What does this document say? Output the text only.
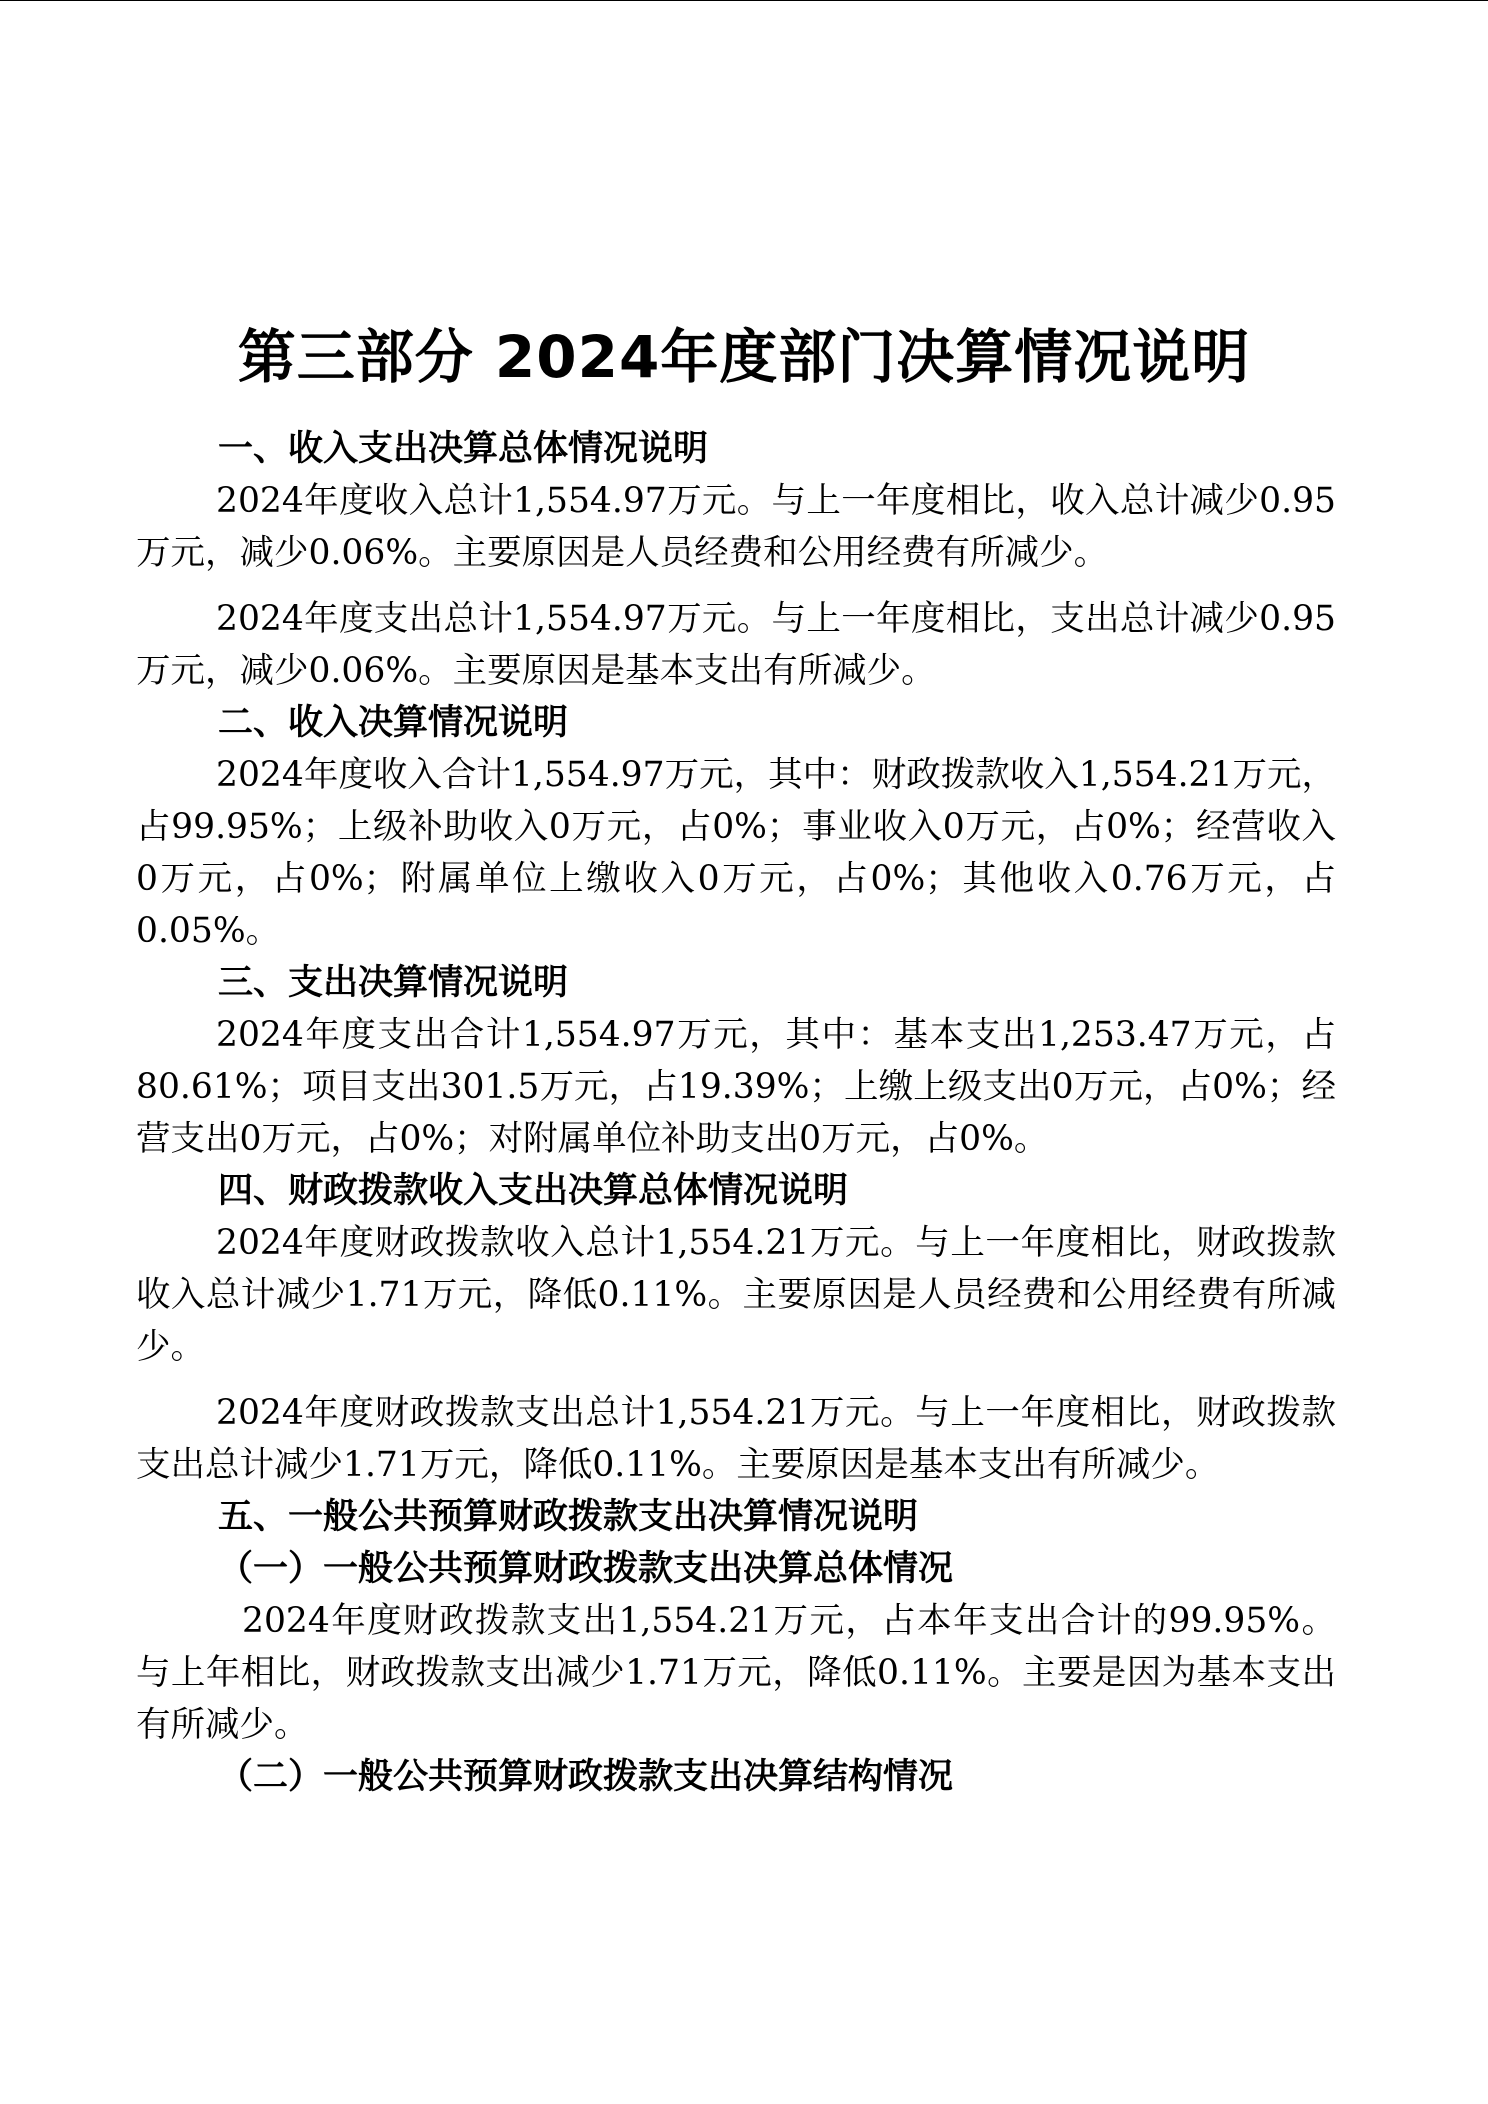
第三部分 2024年度部门决算情况说明
一、收入支出决算总体情况说明

2024年度收入总计1,554.97万元。与上一年度相比，收入总计减少0.95万元，减少0.06%。主要原因是人员经费和公用经费有所减少。

2024年度支出总计1,554.97万元。与上一年度相比，支出总计减少0.95万元，减少0.06%。主要原因是基本支出有所减少。

二、收入决算情况说明

2024年度收入合计1,554.97万元，其中：财政拨款收入1,554.21万元，占99.95%；上级补助收入0万元，占0%；事业收入0万元，占0%；经营收入0万元，占0%；附属单位上缴收入0万元，占0%；其他收入0.76万元，占0.05%。

三、支出决算情况说明

2024年度支出合计1,554.97万元，其中：基本支出1,253.47万元，占80.61%；项目支出301.5万元，占19.39%；上缴上级支出0万元，占0%；经营支出0万元，占0%；对附属单位补助支出0万元，占0%。

四、财政拨款收入支出决算总体情况说明

2024年度财政拨款收入总计1,554.21万元。与上一年度相比，财政拨款收入总计减少1.71万元，降低0.11%。主要原因是人员经费和公用经费有所减少。

2024年度财政拨款支出总计1,554.21万元。与上一年度相比，财政拨款支出总计减少1.71万元，降低0.11%。主要原因是基本支出有所减少。

五、一般公共预算财政拨款支出决算情况说明
（一）一般公共预算财政拨款支出决算总体情况

2024年度财政拨款支出1,554.21万元，占本年支出合计的99.95%。与上年相比，财政拨款支出减少1.71万元，降低0.11%。主要是因为基本支出有所减少。

（二）一般公共预算财政拨款支出决算结构情况
